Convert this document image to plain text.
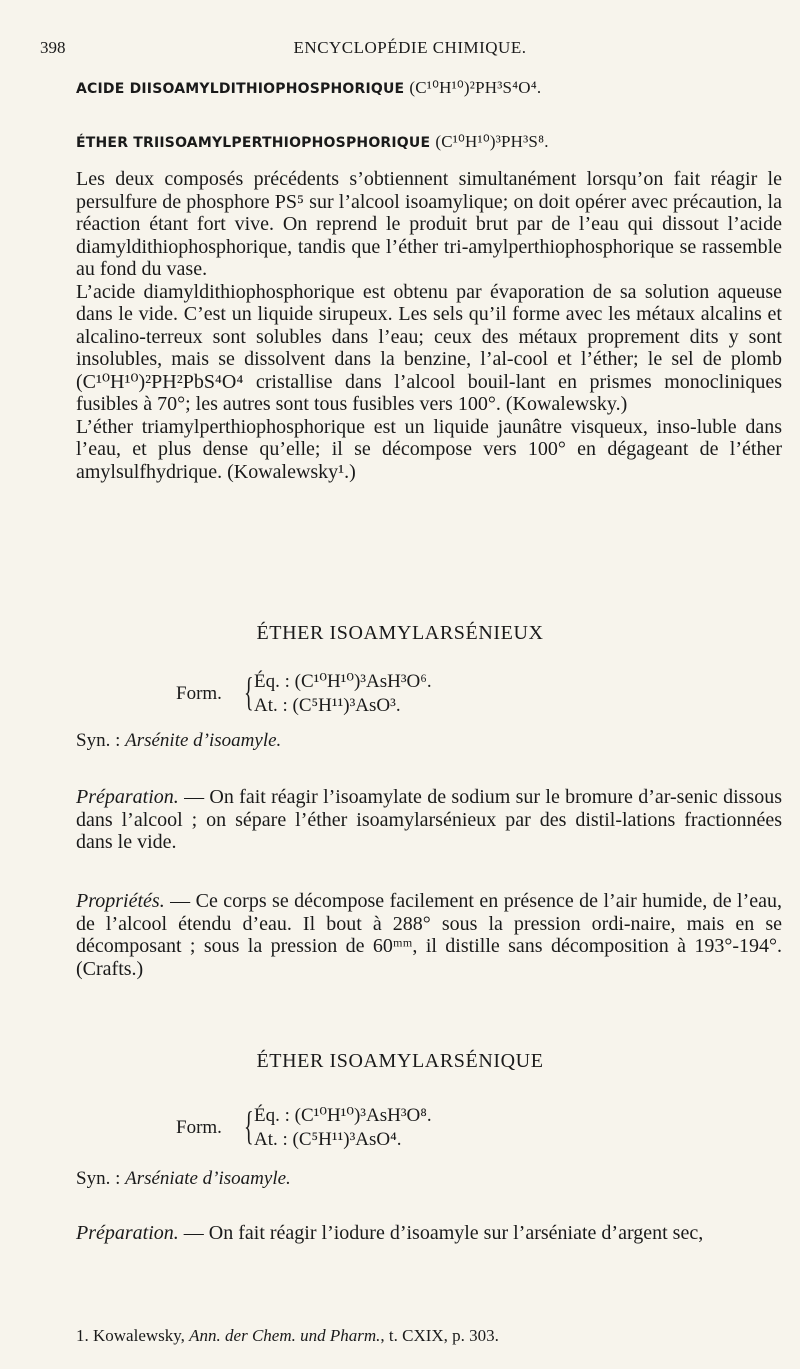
398	ENCYCLOPÉDIE CHIMIQUE.
ACIDE DIISOAMYLDITHIOPHOSPHORIQUE (C¹⁰H¹⁰)²PH³S⁴O⁴.
ÉTHER TRIISOAMYLPERTHIOPHOSPHORIQUE (C¹⁰H¹⁰)³PH³S⁸.

Les deux composés précédents s’obtiennent simultanément lorsqu’on fait réagir le persulfure de phosphore PS⁵ sur l’alcool isoamylique; on doit opérer avec précaution, la réaction étant fort vive. On reprend le produit brut par de l’eau qui dissout l’acide diamyldithiophosphorique, tandis que l’éther tri-amylperthiophosphorique se rassemble au fond du vase.

L’acide diamyldithiophosphorique est obtenu par évaporation de sa solution aqueuse dans le vide. C’est un liquide sirupeux. Les sels qu’il forme avec les métaux alcalins et alcalino-terreux sont solubles dans l’eau; ceux des métaux proprement dits y sont insolubles, mais se dissolvent dans la benzine, l’al-cool et l’éther; le sel de plomb (C¹⁰H¹⁰)²PH²PbS⁴O⁴ cristallise dans l’alcool bouil-lant en prismes monocliniques fusibles à 70°; les autres sont tous fusibles vers 100°. (Kowalewsky.)

L’éther triamylperthiophosphorique est un liquide jaunâtre visqueux, inso-luble dans l’eau, et plus dense qu’elle; il se décompose vers 100° en dégageant de l’éther amylsulfhydrique. (Kowalewsky¹.)

ÉTHER ISOAMYLARSÉNIEUX
Form. { Éq. : (C¹⁰H¹⁰)³AsH³O⁶.
At. : (C⁵H¹¹)³AsO³.
Syn. : Arsénite d’isoamyle.

Préparation. — On fait réagir l’isoamylate de sodium sur le bromure d’ar-senic dissous dans l’alcool ; on sépare l’éther isoamylarsénieux par des distil-lations fractionnées dans le vide.

Propriétés. — Ce corps se décompose facilement en présence de l’air humide, de l’eau, de l’alcool étendu d’eau. Il bout à 288° sous la pression ordi-naire, mais en se décomposant ; sous la pression de 60ᵐᵐ, il distille sans décomposition à 193°-194°. (Crafts.)

ÉTHER ISOAMYLARSÉNIQUE
Form. { Éq. : (C¹⁰H¹⁰)³AsH³O⁸.
At. : (C⁵H¹¹)³AsO⁴.
Syn. : Arséniate d’isoamyle.

Préparation. — On fait réagir l’iodure d’isoamyle sur l’arséniate d’argent sec,

1. Kowalewsky, Ann. der Chem. und Pharm., t. CXIX, p. 303.
